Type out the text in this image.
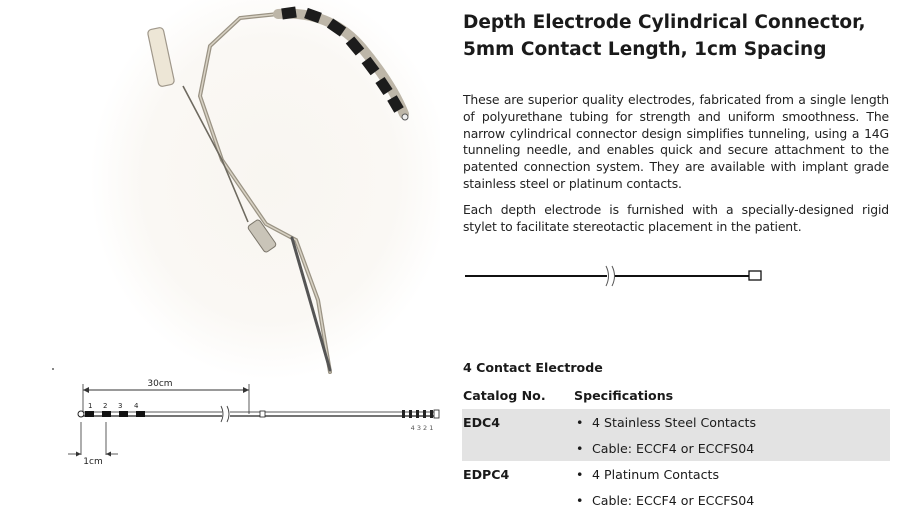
Depth Electrode Cylindrical Connector,
5mm Contact Length, 1cm Spacing

These are superior quality electrodes, fabricated from a single length of polyurethane tubing for strength and uniform smoothness. The narrow cylindrical connector design simplifies tunneling, using a 14G tunneling needle, and enables quick and secure attachment to the patented connection system. They are available with implant grade stainless steel or platinum contacts.

Each depth electrode is furnished with a specially-designed rigid stylet to facilitate stereotactic placement in the patient.

30cm
1 2 3 4
4 3 2 1
1cm
4 Contact Electrode
Catalog No.	Specifications
EDC4	• 4 Stainless Steel Contacts
	• Cable: ECCF4 or ECCFS04
EDPC4	• 4 Platinum Contacts
	• Cable: ECCF4 or ECCFS04
